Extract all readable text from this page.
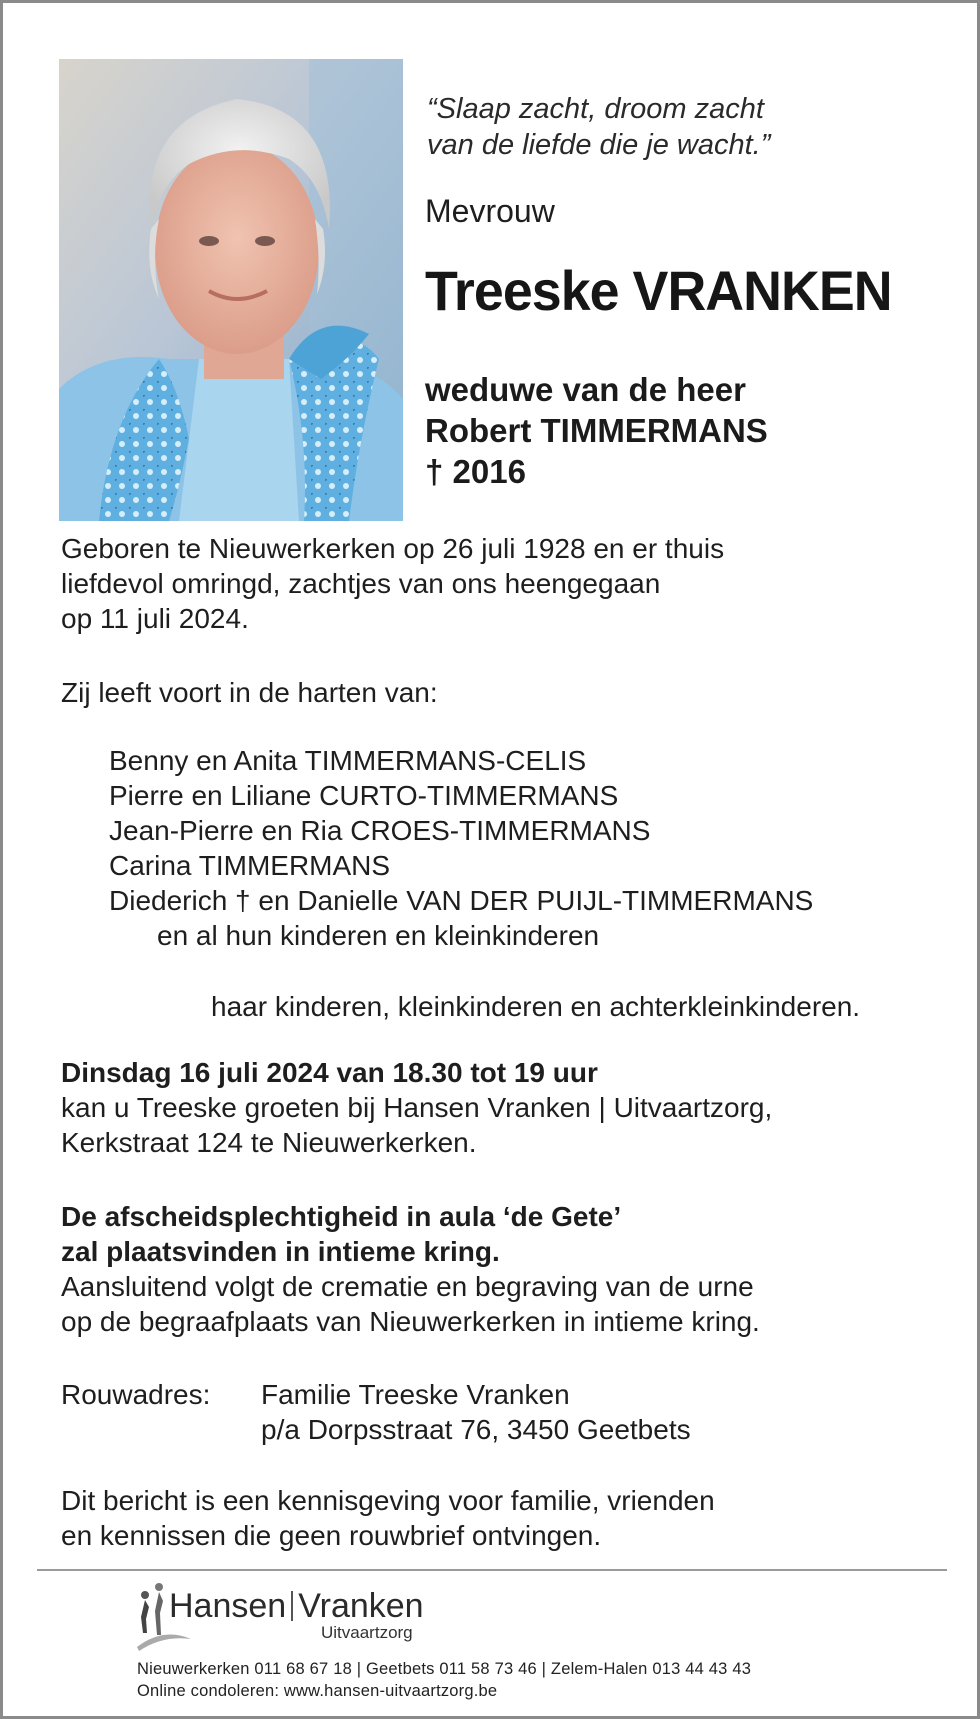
“Slaap zacht, droom zacht
van de liefde die je wacht.”
Mevrouw
Treeske VRANKEN
weduwe van de heer
Robert TIMMERMANS
† 2016
Geboren te Nieuwerkerken op 26 juli 1928 en er thuis
liefdevol omringd, zachtjes van ons heengegaan
op 11 juli 2024.
Zij leeft voort in de harten van:
Benny en Anita TIMMERMANS-CELIS
Pierre en Liliane CURTO-TIMMERMANS
Jean-Pierre en Ria CROES-TIMMERMANS
Carina TIMMERMANS
Diederich † en Danielle VAN DER PUIJL-TIMMERMANS
en al hun kinderen en kleinkinderen
haar kinderen, kleinkinderen en achterkleinkinderen.
Dinsdag 16 juli 2024 van 18.30 tot 19 uur
kan u Treeske groeten bij Hansen Vranken | Uitvaartzorg,
Kerkstraat 124 te Nieuwerkerken.
De afscheidsplechtigheid in aula ‘de Gete’
zal plaatsvinden in intieme kring.
Aansluitend volgt de crematie en begraving van de urne
op de begraafplaats van Nieuwerkerken in intieme kring.
Rouwadres:	Familie Treeske Vranken
p/a Dorpsstraat 76, 3450 Geetbets
Dit bericht is een kennisgeving voor familie, vrienden
en kennissen die geen rouwbrief ontvingen.
Hansen Vranken
Uitvaartzorg
Nieuwerkerken 011 68 67 18 | Geetbets 011 58 73 46 | Zelem-Halen 013 44 43 43
Online condoleren: www.hansen-uitvaartzorg.be
